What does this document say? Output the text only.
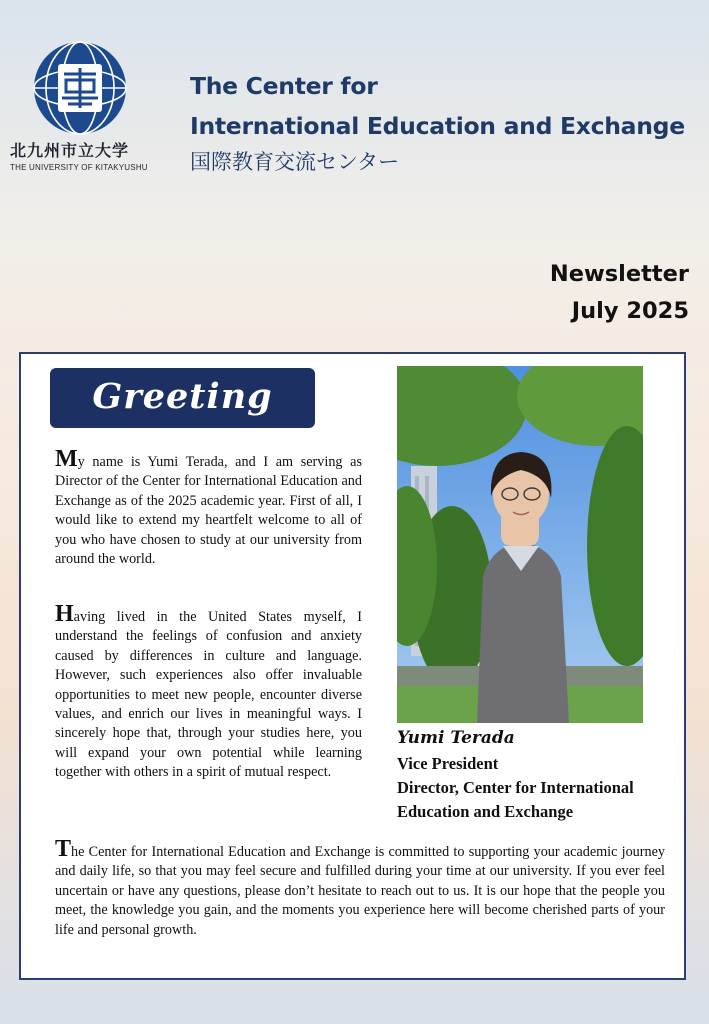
北九州市立大学
THE UNIVERSITY OF KITAKYUSHU
The Center for
International Education and Exchange
国際教育交流センター
Newsletter
July 2025
Greeting
My name is Yumi Terada, and I am serving as Director of the Center for International Education and Exchange as of the 2025 academic year. First of all, I would like to extend my heartfelt welcome to all of you who have chosen to study at our university from around the world.
Having lived in the United States myself, I understand the feelings of confusion and anxiety caused by differences in culture and language. However, such experiences also offer invaluable opportunities to meet new people, encounter diverse values, and enrich our lives in meaningful ways. I sincerely hope that, through your studies here, you will expand your own potential while learning together with others in a spirit of mutual respect.
Yumi Terada
Vice President
Director, Center for International
Education and Exchange
The Center for International Education and Exchange is committed to supporting your academic journey and daily life, so that you may feel secure and fulfilled during your time at our university. If you ever feel uncertain or have any questions, please don’t hesitate to reach out to us. It is our hope that the people you meet, the knowledge you gain, and the moments you experience here will become cherished parts of your life and personal growth.
